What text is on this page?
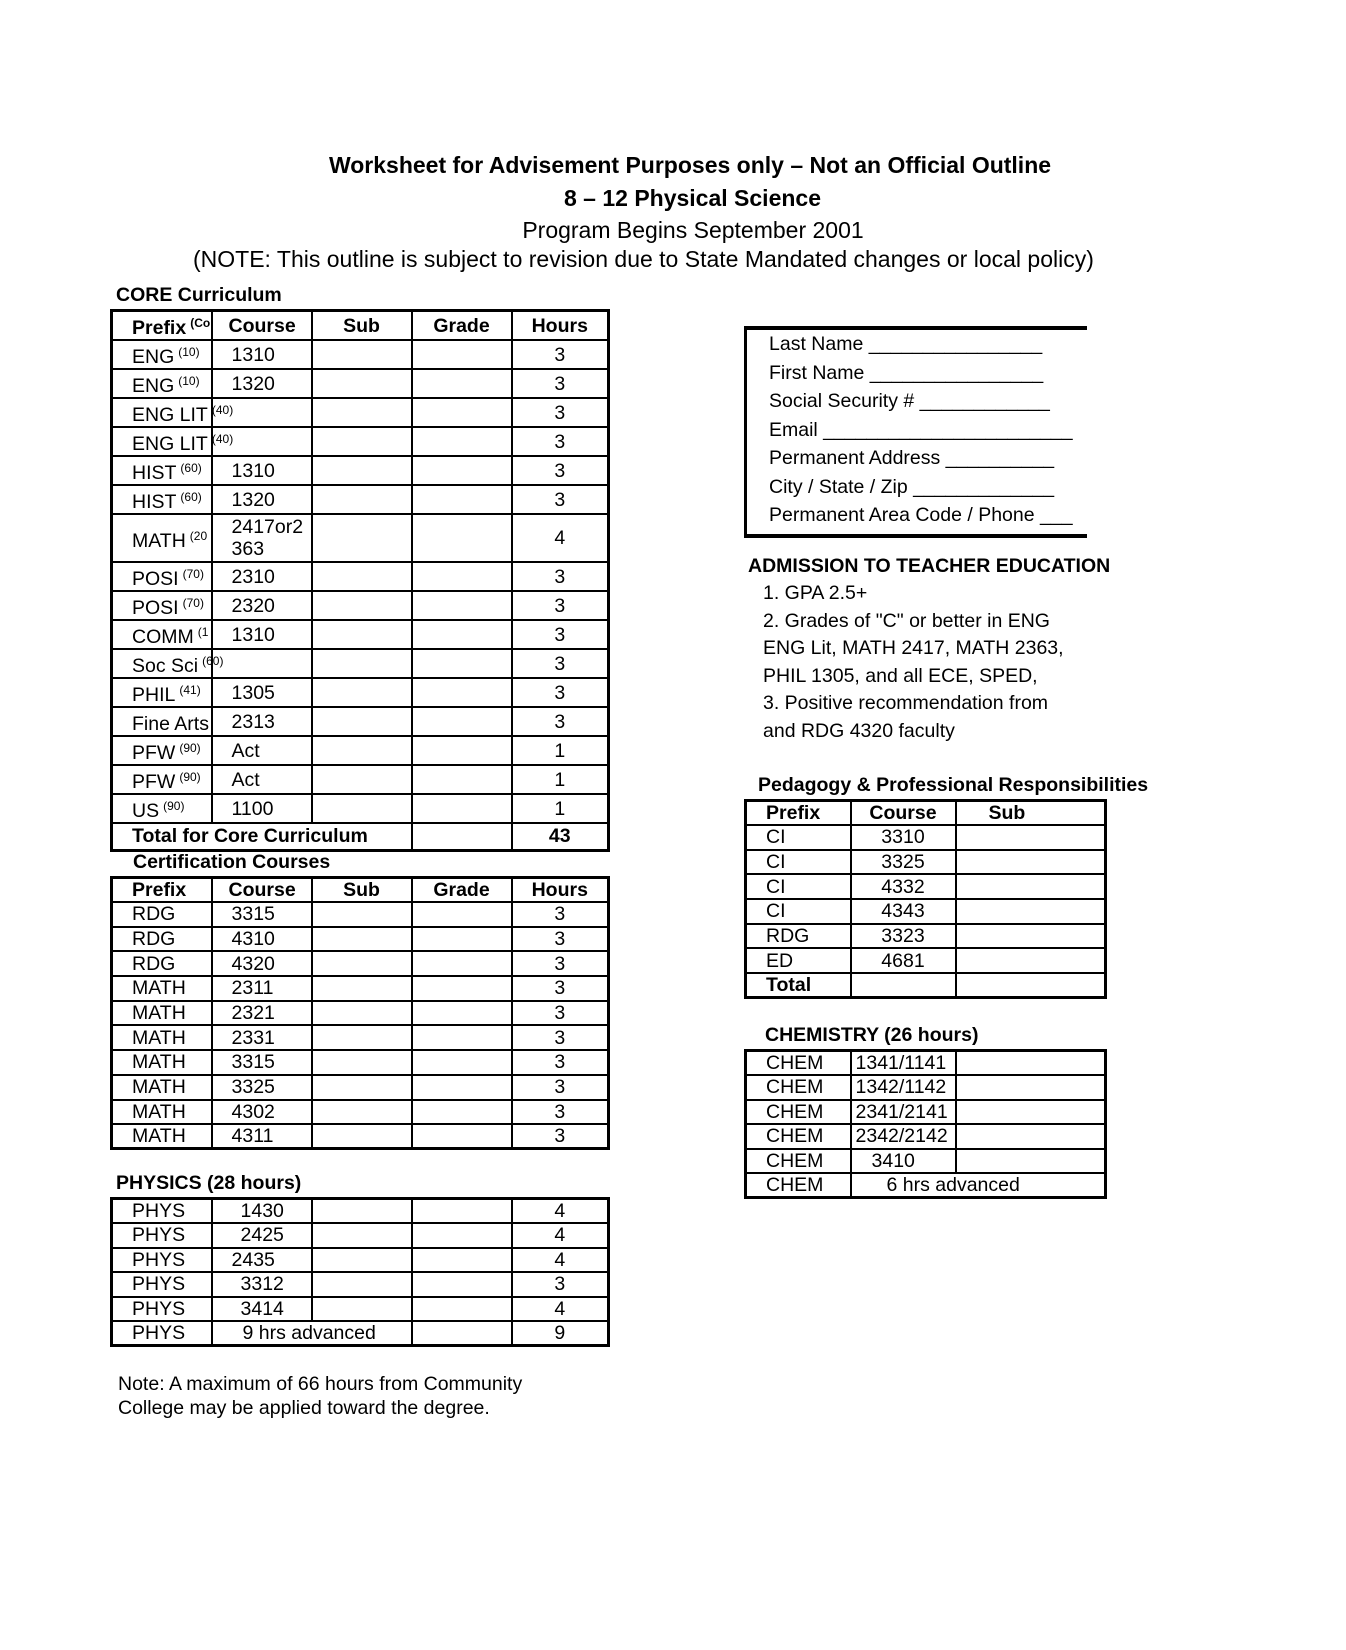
Worksheet for Advisement Purposes only – Not an Official Outline
8 – 12 Physical Science
Program Begins September 2001
(NOTE: This outline is subject to revision due to State Mandated changes or local policy)
CORE Curriculum
Prefix $^{(Co}$	Course	Sub	Grade	Hours
ENG $^{(10)}$	1310			3
ENG $^{(10)}$	1320			3
ENG LIT $^{(40)}$				3
ENG LIT $^{(40)}$				3
HIST $^{(60)}$	1310			3
HIST $^{(60)}$	1320			3
MATH $^{(20}$	2417or2 363			4
POSI $^{(70)}$	2310			3
POSI $^{(70)}$	2320			3
COMM $^{(1}$	1310			3
Soc Sci $^{(60)}$				3
PHIL $^{(41)}$	1305			3
Fine Arts	2313			3
PFW $^{(90)}$	Act			1
PFW $^{(90)}$	Act			1
US $^{(90)}$	1100			1
Total for Core Curriculum				43
Certification Courses
Prefix	Course	Sub	Grade	Hours
RDG	3315			3
RDG	4310			3
RDG	4320			3
MATH	2311			3
MATH	2321			3
MATH	2331			3
MATH	3315			3
MATH	3325			3
MATH	4302			3
MATH	4311			3
PHYSICS (28 hours)
PHYS	1430			4
PHYS	2425			4
PHYS	2435			4
PHYS	3312			3
PHYS	3414			4
PHYS	9 hrs advanced			9
Note: A maximum of 66 hours from Community
College may be applied toward the degree.
Last Name ________________
First Name ________________
Social Security # ____________
Email _______________________
Permanent Address __________
City / State / Zip _____________
Permanent Area Code / Phone ___
ADMISSION TO TEACHER EDUCATION
1. GPA 2.5+
2. Grades of "C" or better in ENG
ENG Lit, MATH 2417, MATH 2363,
PHIL 1305, and all ECE, SPED,
3. Positive recommendation from
and RDG 4320 faculty
Pedagogy & Professional Responsibilities
Prefix	Course	Sub
CI	3310	
CI	3325	
CI	4332	
CI	4343	
RDG	3323	
ED	4681	
Total		
CHEMISTRY (26 hours)
CHEM	1341/1141	
CHEM	1342/1142	
CHEM	2341/2141	
CHEM	2342/2142	
CHEM	3410	
CHEM	6 hrs advanced	
